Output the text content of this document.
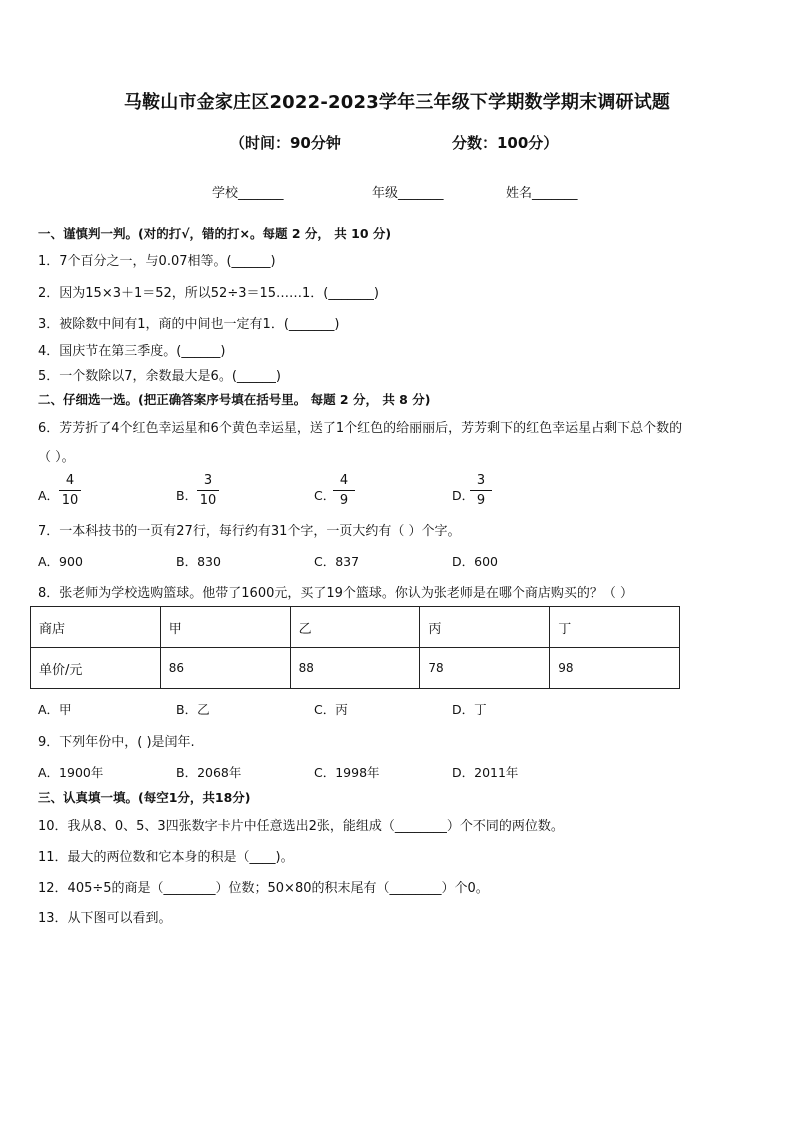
马鞍山市金家庄区2022-2023学年三年级下学期数学期末调研试题
（时间：90分钟	分数：100分）
学校_______	年级_______	姓名_______
一、谨慎判一判。(对的打√，错的打×。每题 2 分， 共 10 分)
1．7个百分之一，与0.07相等。(______)
2．因为15×3＋1＝52，所以52÷3＝15……1．(_______)
3．被除数中间有1，商的中间也一定有1．(_______)
4．国庆节在第三季度。(______)
5．一个数除以7，余数最大是6。(______)
二、仔细选一选。(把正确答案序号填在括号里。 每题 2 分， 共 8 分)
6．芳芳折了4个红色幸运星和6个黄色幸运星，送了1个红色的给丽丽后，芳芳剩下的红色幸运星占剩下总个数的
（ ）。
A． $\frac{4}{10}$	B． $\frac{3}{10}$	C．
$\frac{4}{9}$	D．
$\frac{3}{9}$
7．一本科技书的一页有27行，每行约有31个字，一页大约有（ ）个字。
A．900	B．830	C．837	D．600
8．张老师为学校选购篮球。他带了1600元，买了19个篮球。你认为张老师是在哪个商店购买的？（ ）
商店	甲	乙	丙	丁
单价/元	86	88	78	98
A．甲	B．乙	C．丙	D．丁
9．下列年份中，( )是闰年.
A．1900年	B．2068年	C．1998年	D．2011年
三、认真填一填。(每空1分，共18分)
10．我从8、0、5、3四张数字卡片中任意选出2张，能组成（________）个不同的两位数。
11．最大的两位数和它本身的积是（____)。
12．405÷5的商是（________）位数；50×80的积末尾有（________）个0。
13．从下图可以看到。
